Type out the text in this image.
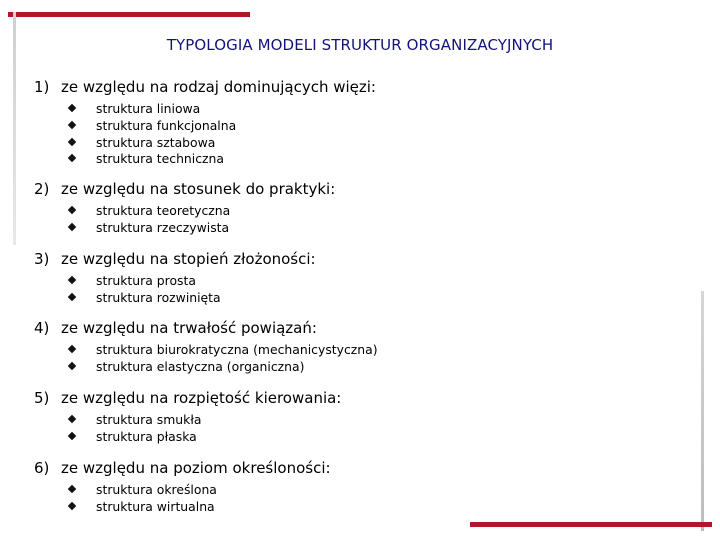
TYPOLOGIA MODELI STRUKTUR ORGANIZACYJNYCH
1) ze względu na rodzaj dominujących więzi:
struktura liniowa
struktura funkcjonalna
struktura sztabowa
struktura techniczna
2) ze względu na stosunek do praktyki:
struktura teoretyczna
struktura rzeczywista
3) ze względu na stopień złożoności:
struktura prosta
struktura rozwinięta
4) ze względu na trwałość powiązań:
struktura biurokratyczna (mechanicystyczna)
struktura elastyczna (organiczna)
5) ze względu na rozpiętość kierowania:
struktura smukła
struktura płaska
6) ze względu na poziom określoności:
struktura określona
struktura wirtualna
